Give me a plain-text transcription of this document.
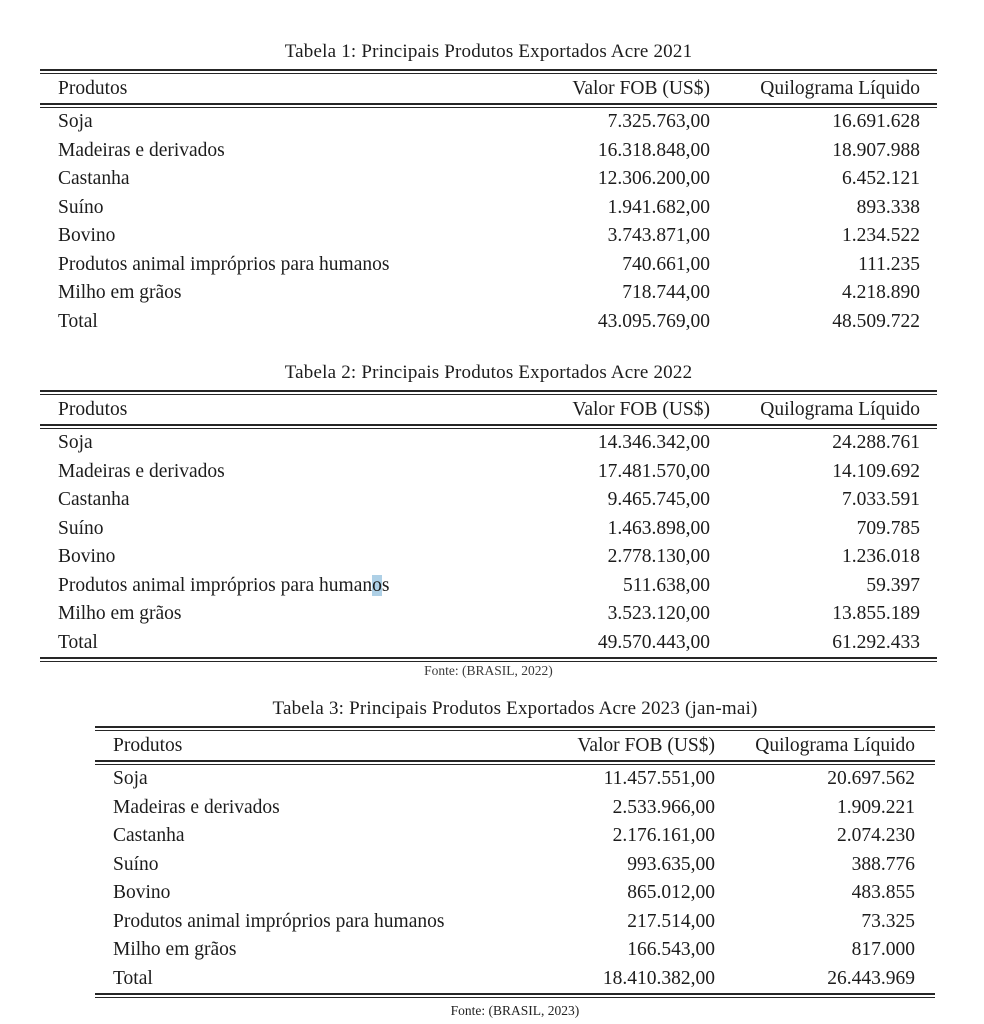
Tabela 1: Principais Produtos Exportados Acre 2021
Produtos	Valor FOB (US$)	Quilograma Líquido
Soja	7.325.763,00	16.691.628
Madeiras e derivados	16.318.848,00	18.907.988
Castanha	12.306.200,00	6.452.121
Suíno	1.941.682,00	893.338
Bovino	3.743.871,00	1.234.522
Produtos animal impróprios para humanos	740.661,00	111.235
Milho em grãos	718.744,00	4.218.890
Total	43.095.769,00	48.509.722
Tabela 2: Principais Produtos Exportados Acre 2022
Produtos	Valor FOB (US$)	Quilograma Líquido
Soja	14.346.342,00	24.288.761
Madeiras e derivados	17.481.570,00	14.109.692
Castanha	9.465.745,00	7.033.591
Suíno	1.463.898,00	709.785
Bovino	2.778.130,00	1.236.018
Produtos animal impróprios para humanos	511.638,00	59.397
Milho em grãos	3.523.120,00	13.855.189
Total	49.570.443,00	61.292.433
Fonte: (BRASIL, 2022)
Tabela 3: Principais Produtos Exportados Acre 2023 (jan-mai)
Produtos	Valor FOB (US$)	Quilograma Líquido
Soja	11.457.551,00	20.697.562
Madeiras e derivados	2.533.966,00	1.909.221
Castanha	2.176.161,00	2.074.230
Suíno	993.635,00	388.776
Bovino	865.012,00	483.855
Produtos animal impróprios para humanos	217.514,00	73.325
Milho em grãos	166.543,00	817.000
Total	18.410.382,00	26.443.969
Fonte: (BRASIL, 2023)
